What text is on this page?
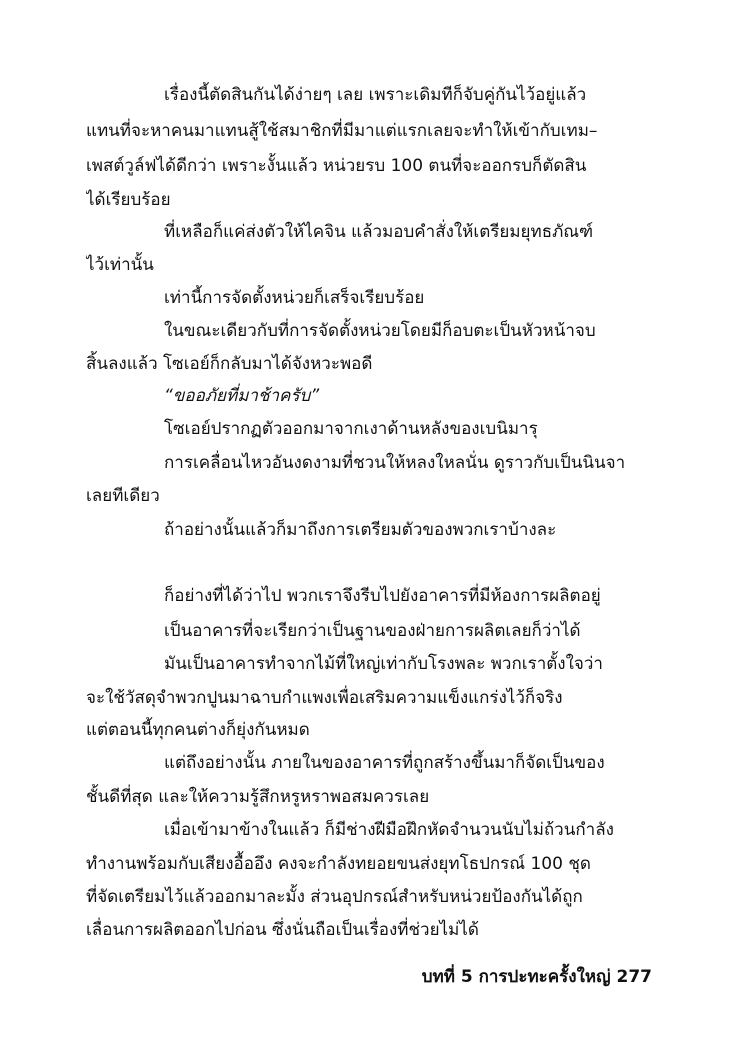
เรื่องนี้ตัดสินกันได้ง่ายๆ เลย เพราะเดิมทีก็จับคู่กันไว้อยู่แล้ว
แทนที่จะหาคนมาแทนสู้ใช้สมาชิกที่มีมาแต่แรกเลยจะทำให้เข้ากับเทม–
เพสต์วูล์ฟได้ดีกว่า เพราะงั้นแล้ว หน่วยรบ 100 ตนที่จะออกรบก็ตัดสิน
ได้เรียบร้อย
ที่เหลือก็แค่ส่งตัวให้ไคจิน แล้วมอบคำสั่งให้เตรียมยุทธภัณฑ์
ไว้เท่านั้น
เท่านี้การจัดตั้งหน่วยก็เสร็จเรียบร้อย
ในขณะเดียวกับที่การจัดตั้งหน่วยโดยมีก็อบตะเป็นหัวหน้าจบ
สิ้นลงแล้ว โซเอย์ก็กลับมาได้จังหวะพอดี
“ขออภัยที่มาช้าครับ”
โซเอย์ปรากฏตัวออกมาจากเงาด้านหลังของเบนิมารุ
การเคลื่อนไหวอันงดงามที่ชวนให้หลงใหลนั่น ดูราวกับเป็นนินจา
เลยทีเดียว
ถ้าอย่างนั้นแล้วก็มาถึงการเตรียมตัวของพวกเราบ้างละ
ก็อย่างที่ได้ว่าไป พวกเราจึงรีบไปยังอาคารที่มีห้องการผลิตอยู่
เป็นอาคารที่จะเรียกว่าเป็นฐานของฝ่ายการผลิตเลยก็ว่าได้
มันเป็นอาคารทำจากไม้ที่ใหญ่เท่ากับโรงพละ พวกเราตั้งใจว่า
จะใช้วัสดุจำพวกปูนมาฉาบกำแพงเพื่อเสริมความแข็งแกร่งไว้ก็จริง
แต่ตอนนี้ทุกคนต่างก็ยุ่งกันหมด
แต่ถึงอย่างนั้น ภายในของอาคารที่ถูกสร้างขึ้นมาก็จัดเป็นของ
ชั้นดีที่สุด และให้ความรู้สึกหรูหราพอสมควรเลย
เมื่อเข้ามาข้างในแล้ว ก็มีช่างฝีมือฝึกหัดจำนวนนับไม่ถ้วนกำลัง
ทำงานพร้อมกับเสียงอื้ออึง คงจะกำลังทยอยขนส่งยุทโธปกรณ์ 100 ชุด
ที่จัดเตรียมไว้แล้วออกมาละมั้ง ส่วนอุปกรณ์สำหรับหน่วยป้องกันได้ถูก
เลื่อนการผลิตออกไปก่อน ซึ่งนั่นถือเป็นเรื่องที่ช่วยไม่ได้
บทที่ 5 การปะทะครั้งใหญ่ 277
